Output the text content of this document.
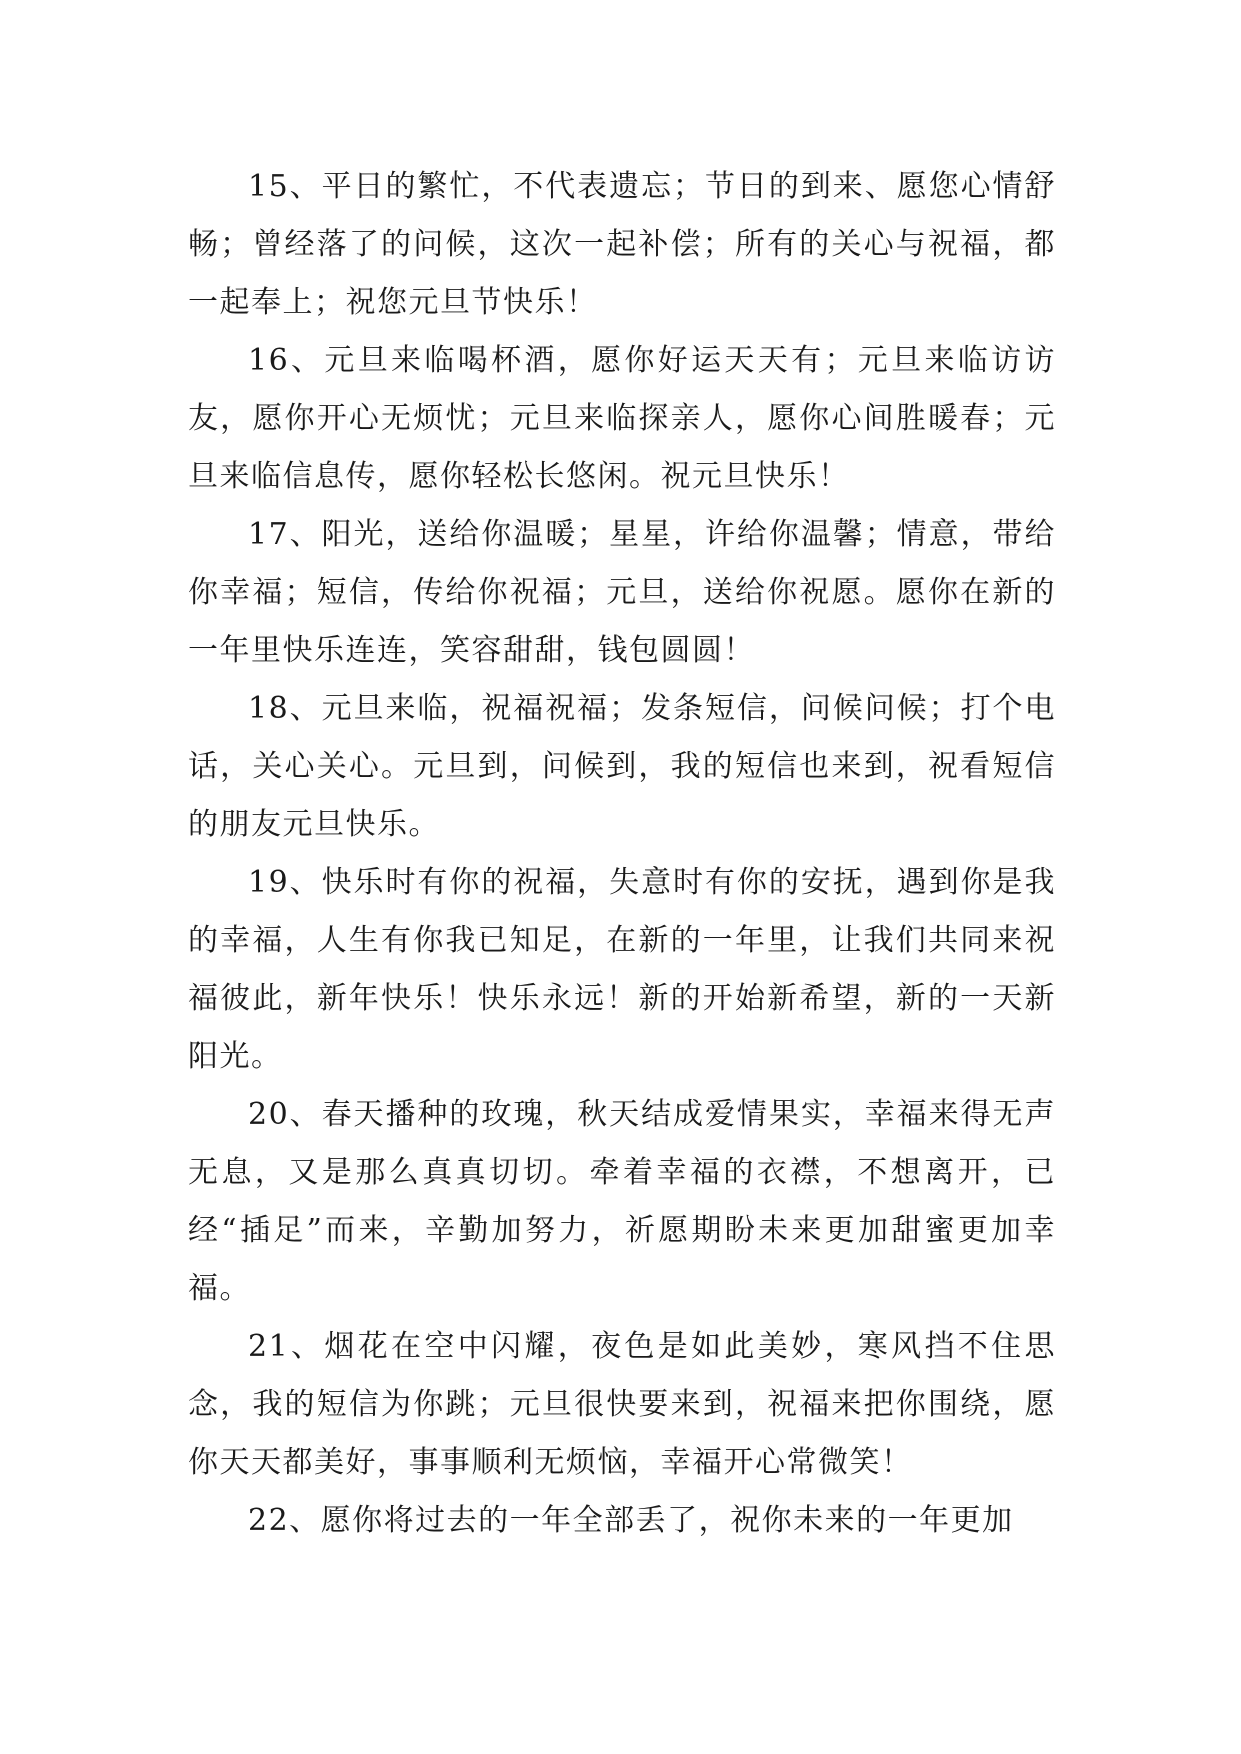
15、平日的繁忙，不代表遗忘；节日的到来、愿您心情舒畅；曾经落了的问候，这次一起补偿；所有的关心与祝福，都一起奉上；祝您元旦节快乐！

16、元旦来临喝杯酒，愿你好运天天有；元旦来临访访友，愿你开心无烦忧；元旦来临探亲人，愿你心间胜暖春；元旦来临信息传，愿你轻松长悠闲。祝元旦快乐！

17、阳光，送给你温暖；星星，许给你温馨；情意，带给你幸福；短信，传给你祝福；元旦，送给你祝愿。愿你在新的一年里快乐连连，笑容甜甜，钱包圆圆！

18、元旦来临，祝福祝福；发条短信，问候问候；打个电话，关心关心。元旦到，问候到，我的短信也来到，祝看短信的朋友元旦快乐。

19、快乐时有你的祝福，失意时有你的安抚，遇到你是我的幸福，人生有你我已知足，在新的一年里，让我们共同来祝福彼此，新年快乐！快乐永远！新的开始新希望，新的一天新阳光。

20、春天播种的玫瑰，秋天结成爱情果实，幸福来得无声无息，又是那么真真切切。牵着幸福的衣襟，不想离开，已经“插足”而来，辛勤加努力，祈愿期盼未来更加甜蜜更加幸福。

21、烟花在空中闪耀，夜色是如此美妙，寒风挡不住思念，我的短信为你跳；元旦很快要来到，祝福来把你围绕，愿你天天都美好，事事顺利无烦恼，幸福开心常微笑！

22、愿你将过去的一年全部丢了，祝你未来的一年更加
